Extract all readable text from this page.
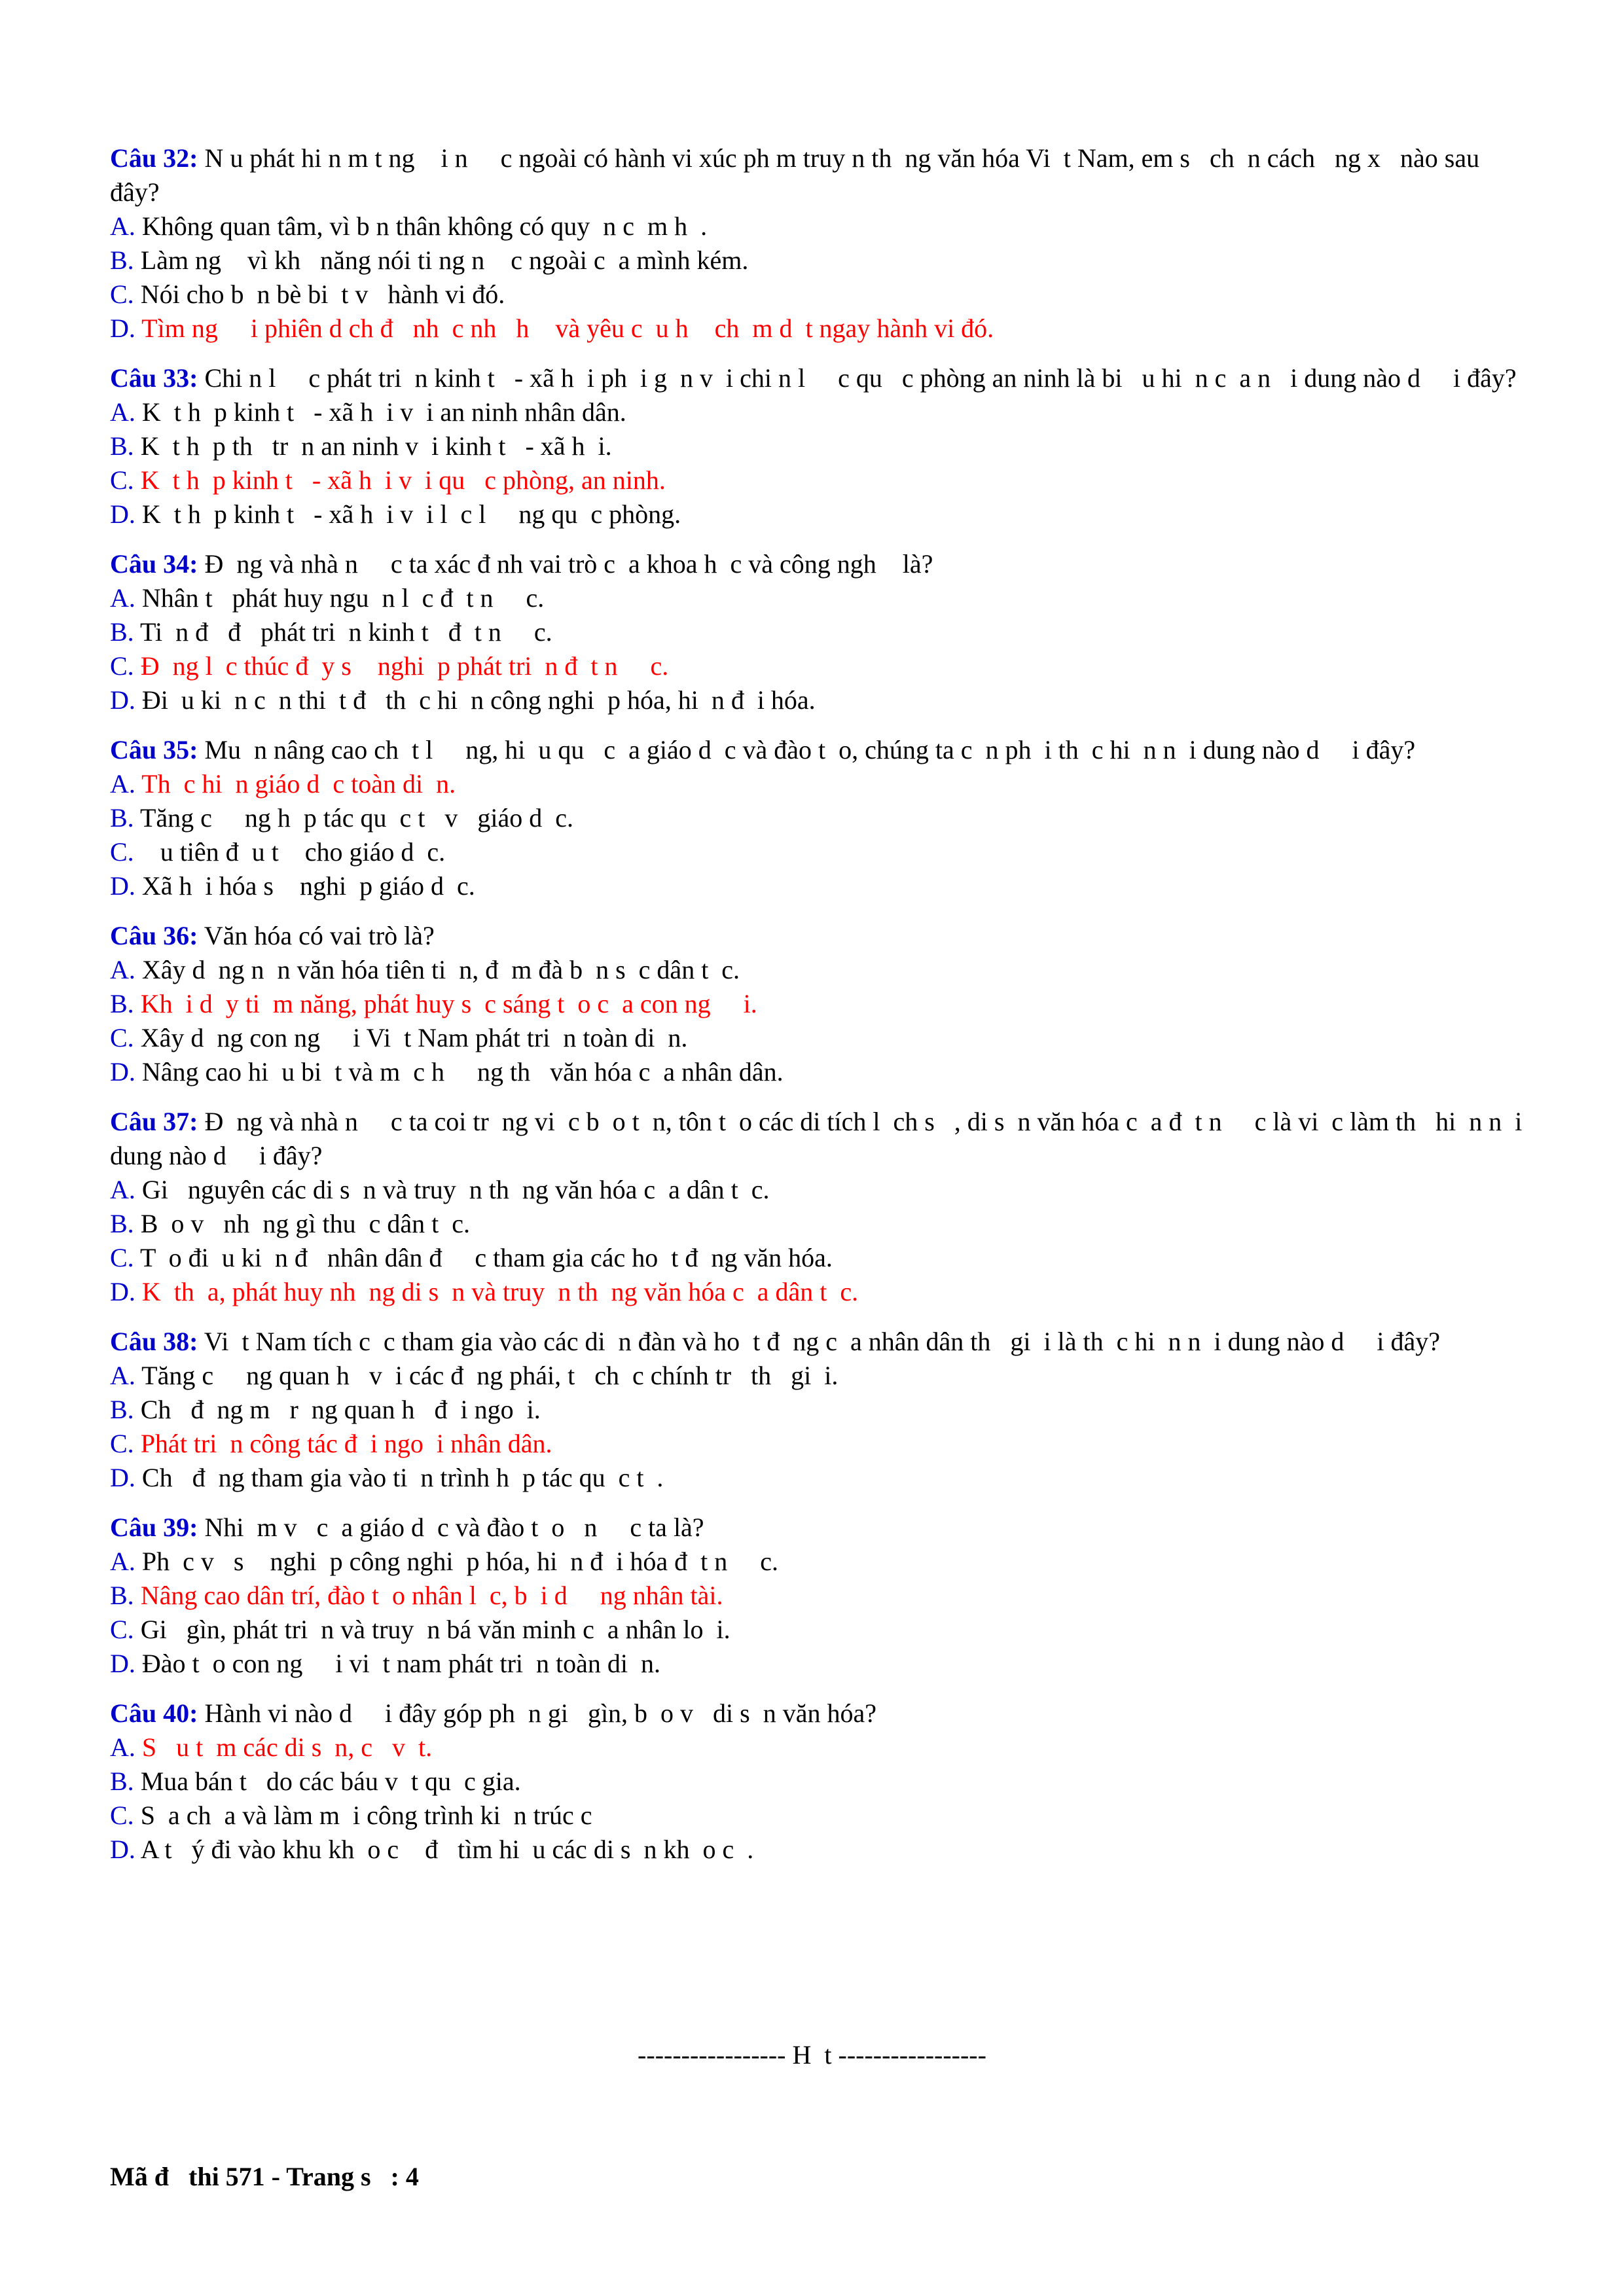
Câu 32: N u phát hi n m t ng    i n     c ngoài có hành vi xúc ph m truy n th  ng văn hóa Vi  t Nam, em s   ch  n cách   ng x   nào sau đây?
A. Không quan tâm, vì b n thân không có quy  n c  m h  .
B. Làm ng    vì kh   năng nói ti ng n    c ngoài c  a mình kém.
C. Nói cho b  n bè bi  t v   hành vi đó.
D. Tìm ng     i phiên d ch đ   nh  c nh   h    và yêu c  u h    ch  m d  t ngay hành vi đó.
Câu 33: Chi n l     c phát tri  n kinh t   - xã h  i ph  i g  n v  i chi n l     c qu   c phòng an ninh là bi   u hi  n c  a n   i dung nào d     i đây?
A. K  t h  p kinh t   - xã h  i v  i an ninh nhân dân.
B. K  t h  p th   tr  n an ninh v  i kinh t   - xã h  i.
C. K  t h  p kinh t   - xã h  i v  i qu   c phòng, an ninh.
D. K  t h  p kinh t   - xã h  i v  i l  c l     ng qu  c phòng.
Câu 34: Đ  ng và nhà n     c ta xác đ nh vai trò c  a khoa h  c và công ngh    là?
A. Nhân t   phát huy ngu  n l  c đ  t n     c.
B. Ti  n đ   đ   phát tri  n kinh t   đ  t n     c.
C. Đ  ng l  c thúc đ  y s    nghi  p phát tri  n đ  t n     c.
D. Đi  u ki  n c  n thi  t đ   th  c hi  n công nghi  p hóa, hi  n đ  i hóa.
Câu 35: Mu  n nâng cao ch  t l     ng, hi  u qu   c  a giáo d  c và đào t  o, chúng ta c  n ph  i th  c hi  n n  i dung nào d     i đây?
A. Th  c hi  n giáo d  c toàn di  n.
B. Tăng c     ng h  p tác qu  c t   v   giáo d  c.
C.    u tiên đ  u t    cho giáo d  c.
D. Xã h  i hóa s    nghi  p giáo d  c.
Câu 36: Văn hóa có vai trò là?
A. Xây d  ng n  n văn hóa tiên ti  n, đ  m đà b  n s  c dân t  c.
B. Kh  i d  y ti  m năng, phát huy s  c sáng t  o c  a con ng     i.
C. Xây d  ng con ng     i Vi  t Nam phát tri  n toàn di  n.
D. Nâng cao hi  u bi  t và m  c h     ng th   văn hóa c  a nhân dân.
Câu 37: Đ  ng và nhà n     c ta coi tr  ng vi  c b  o t  n, tôn t  o các di tích l  ch s   , di s  n văn hóa c  a đ  t n     c là vi  c làm th   hi  n n  i dung nào d     i đây?
A. Gi   nguyên các di s  n và truy  n th  ng văn hóa c  a dân t  c.
B. B  o v   nh  ng gì thu  c dân t  c.
C. T  o đi  u ki  n đ   nhân dân đ     c tham gia các ho  t đ  ng văn hóa.
D. K  th  a, phát huy nh  ng di s  n và truy  n th  ng văn hóa c  a dân t  c.
Câu 38: Vi  t Nam tích c  c tham gia vào các di  n đàn và ho  t đ  ng c  a nhân dân th   gi  i là th  c hi  n n  i dung nào d     i đây?
A. Tăng c     ng quan h   v  i các đ  ng phái, t   ch  c chính tr   th   gi  i.
B. Ch   đ  ng m   r  ng quan h   đ  i ngo  i.
C. Phát tri  n công tác đ  i ngo  i nhân dân.
D. Ch   đ  ng tham gia vào ti  n trình h  p tác qu  c t  .
Câu 39: Nhi  m v   c  a giáo d  c và đào t  o   n     c ta là?
A. Ph  c v   s    nghi  p công nghi  p hóa, hi  n đ  i hóa đ  t n     c.
B. Nâng cao dân trí, đào t  o nhân l  c, b  i d     ng nhân tài.
C. Gi   gìn, phát tri  n và truy  n bá văn minh c  a nhân lo  i.
D. Đào t  o con ng     i vi  t nam phát tri  n toàn di  n.
Câu 40: Hành vi nào d     i đây góp ph  n gi   gìn, b  o v   di s  n văn hóa?
A. S   u t  m các di s  n, c   v  t.
B. Mua bán t   do các báu v  t qu  c gia.
C. S  a ch  a và làm m  i công trình ki  n trúc c
D. A t   ý đi vào khu kh  o c    đ   tìm hi  u các di s  n kh  o c  .
----------------- H  t -----------------
Mã đ   thi 571 - Trang s   : 4
